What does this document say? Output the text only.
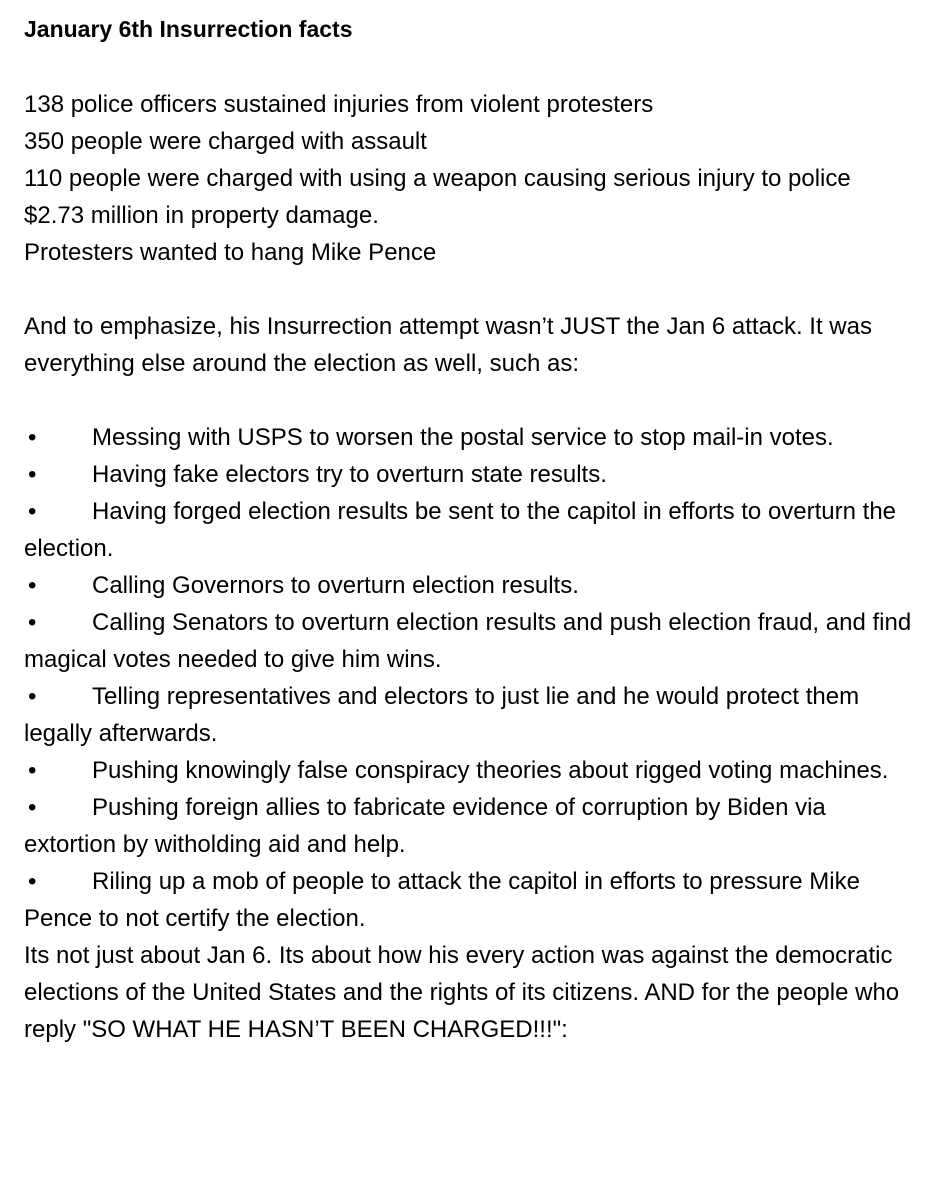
January 6th Insurrection facts

138 police officers sustained injuries from violent protesters

350 people were charged with assault

110 people were charged with using a weapon causing serious injury to police

$2.73 million in property damage.

Protesters wanted to hang Mike Pence

And to emphasize, his Insurrection attempt wasn’t JUST the Jan 6 attack. It was everything else around the election as well, such as:

• Messing with USPS to worsen the postal service to stop mail-in votes.

• Having fake electors try to overturn state results.

• Having forged election results be sent to the capitol in efforts to overturn the election.

• Calling Governors to overturn election results.

• Calling Senators to overturn election results and push election fraud, and find magical votes needed to give him wins.

• Telling representatives and electors to just lie and he would protect them legally afterwards.

• Pushing knowingly false conspiracy theories about rigged voting machines.

• Pushing foreign allies to fabricate evidence of corruption by Biden via extortion by witholding aid and help.

• Riling up a mob of people to attack the capitol in efforts to pressure Mike Pence to not certify the election.

Its not just about Jan 6. Its about how his every action was against the democratic elections of the United States and the rights of its citizens. AND for the people who reply "SO WHAT HE HASN’T BEEN CHARGED!!!":
